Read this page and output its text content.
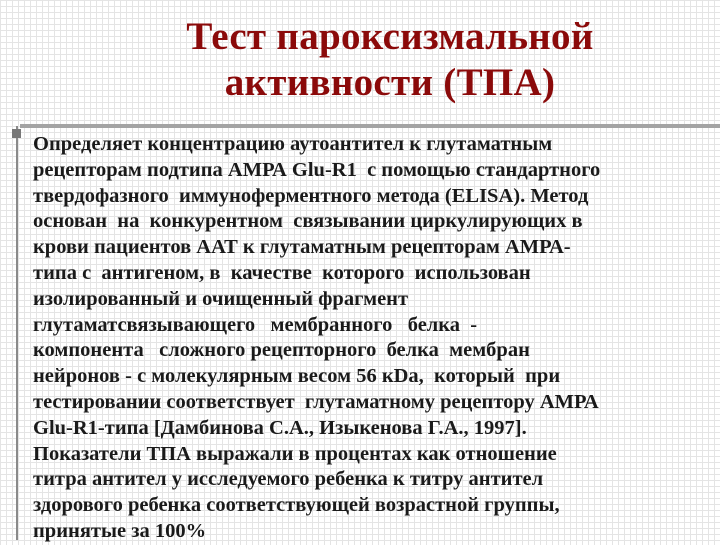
Тест пароксизмальной
активности (ТПА)
Определяет концентрацию аутоантител к глутаматным
рецепторам подтипа АМРА Glu-R1  с помощью стандартного
твердофазного  иммуноферментного метода (ELISA). Метод
основан  на  конкурентном  связывании циркулирующих в
крови пациентов ААТ к глутаматным рецепторам АМРА-
типа с  антигеном, в  качестве  которого  использован
изолированный и очищенный фрагмент
глутаматсвязывающего   мембранного   белка  -
компонента   сложного рецепторного  белка  мембран
нейронов - с молекулярным весом 56 кDa,  который  при
тестировании соответствует  глутаматному рецептору АМРА
Glu-R1-типа [Дамбинова С.А., Изыкенова Г.А., 1997].
Показатели ТПА выражали в процентах как отношение
титра антител у исследуемого ребенка к титру антител
здорового ребенка соответствующей возрастной группы,
принятые за 100%
